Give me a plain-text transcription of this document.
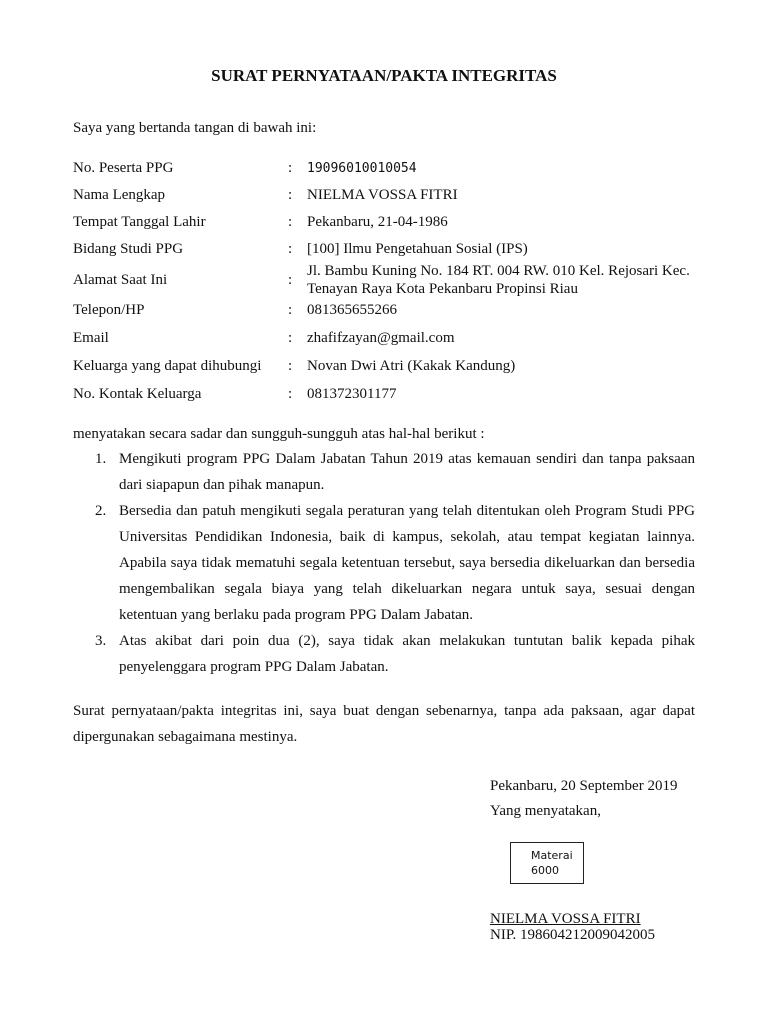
SURAT PERNYATAAN/PAKTA INTEGRITAS
Saya yang bertanda tangan di bawah ini:
No. Peserta PPG	: 19096010010054
Nama Lengkap	: NIELMA VOSSA FITRI
Tempat Tanggal Lahir	: Pekanbaru, 21-04-1986
Bidang Studi PPG	: [100] Ilmu Pengetahuan Sosial (IPS)
Alamat Saat Ini	:
Jl. Bambu Kuning No. 184 RT. 004 RW. 010 Kel. Rejosari Kec.
Tenayan Raya Kota Pekanbaru Propinsi Riau
Telepon/HP	: 081365655266
Email	: zhafifzayan@gmail.com
Keluarga yang dapat dihubungi : Novan Dwi Atri (Kakak Kandung)
No. Kontak Keluarga	: 081372301177
menyatakan secara sadar dan sungguh-sungguh atas hal-hal berikut :
1. Mengikuti program PPG Dalam Jabatan Tahun 2019 atas kemauan sendiri dan tanpa paksaan dari siapapun dan pihak manapun.
2. Bersedia dan patuh mengikuti segala peraturan yang telah ditentukan oleh Program Studi PPG Universitas Pendidikan Indonesia, baik di kampus, sekolah, atau tempat kegiatan lainnya. Apabila saya tidak mematuhi segala ketentuan tersebut, saya bersedia dikeluarkan dan bersedia mengembalikan segala biaya yang telah dikeluarkan negara untuk saya, sesuai dengan ketentuan yang berlaku pada program PPG Dalam Jabatan.
3. Atas akibat dari poin dua (2), saya tidak akan melakukan tuntutan balik kepada pihak penyelenggara program PPG Dalam Jabatan.
Surat pernyataan/pakta integritas ini, saya buat dengan sebenarnya, tanpa ada paksaan, agar dapat dipergunakan sebagaimana mestinya.
Pekanbaru, 20 September 2019
Yang menyatakan,
Materai
6000
NIELMA VOSSA FITRI
NIP. 198604212009042005
